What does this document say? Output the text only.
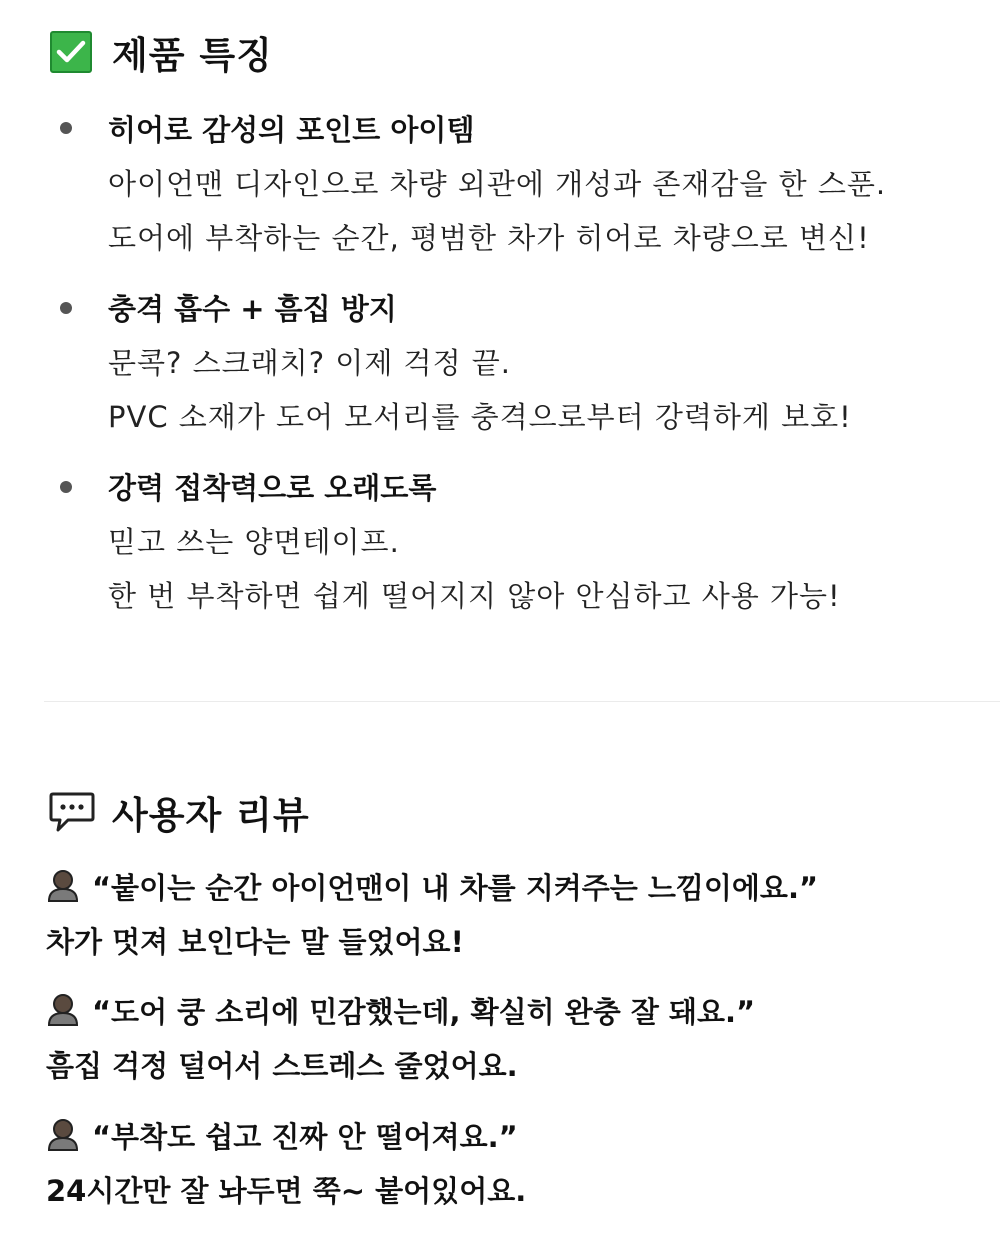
제품 특징
히어로 감성의 포인트 아이템
아이언맨 디자인으로 차량 외관에 개성과 존재감을 한 스푼.
도어에 부착하는 순간, 평범한 차가 히어로 차량으로 변신!
충격 흡수 + 흠집 방지
문콕? 스크래치? 이제 걱정 끝.
PVC 소재가 도어 모서리를 충격으로부터 강력하게 보호!
강력 접착력으로 오래도록
믿고 쓰는 양면테이프.
한 번 부착하면 쉽게 떨어지지 않아 안심하고 사용 가능!
사용자 리뷰
“붙이는 순간 아이언맨이 내 차를 지켜주는 느낌이에요.”
차가 멋져 보인다는 말 들었어요!
“도어 쿵 소리에 민감했는데, 확실히 완충 잘 돼요.”
흠집 걱정 덜어서 스트레스 줄었어요.
“부착도 쉽고 진짜 안 떨어져요.”
24시간만 잘 놔두면 쭉~ 붙어있어요.
